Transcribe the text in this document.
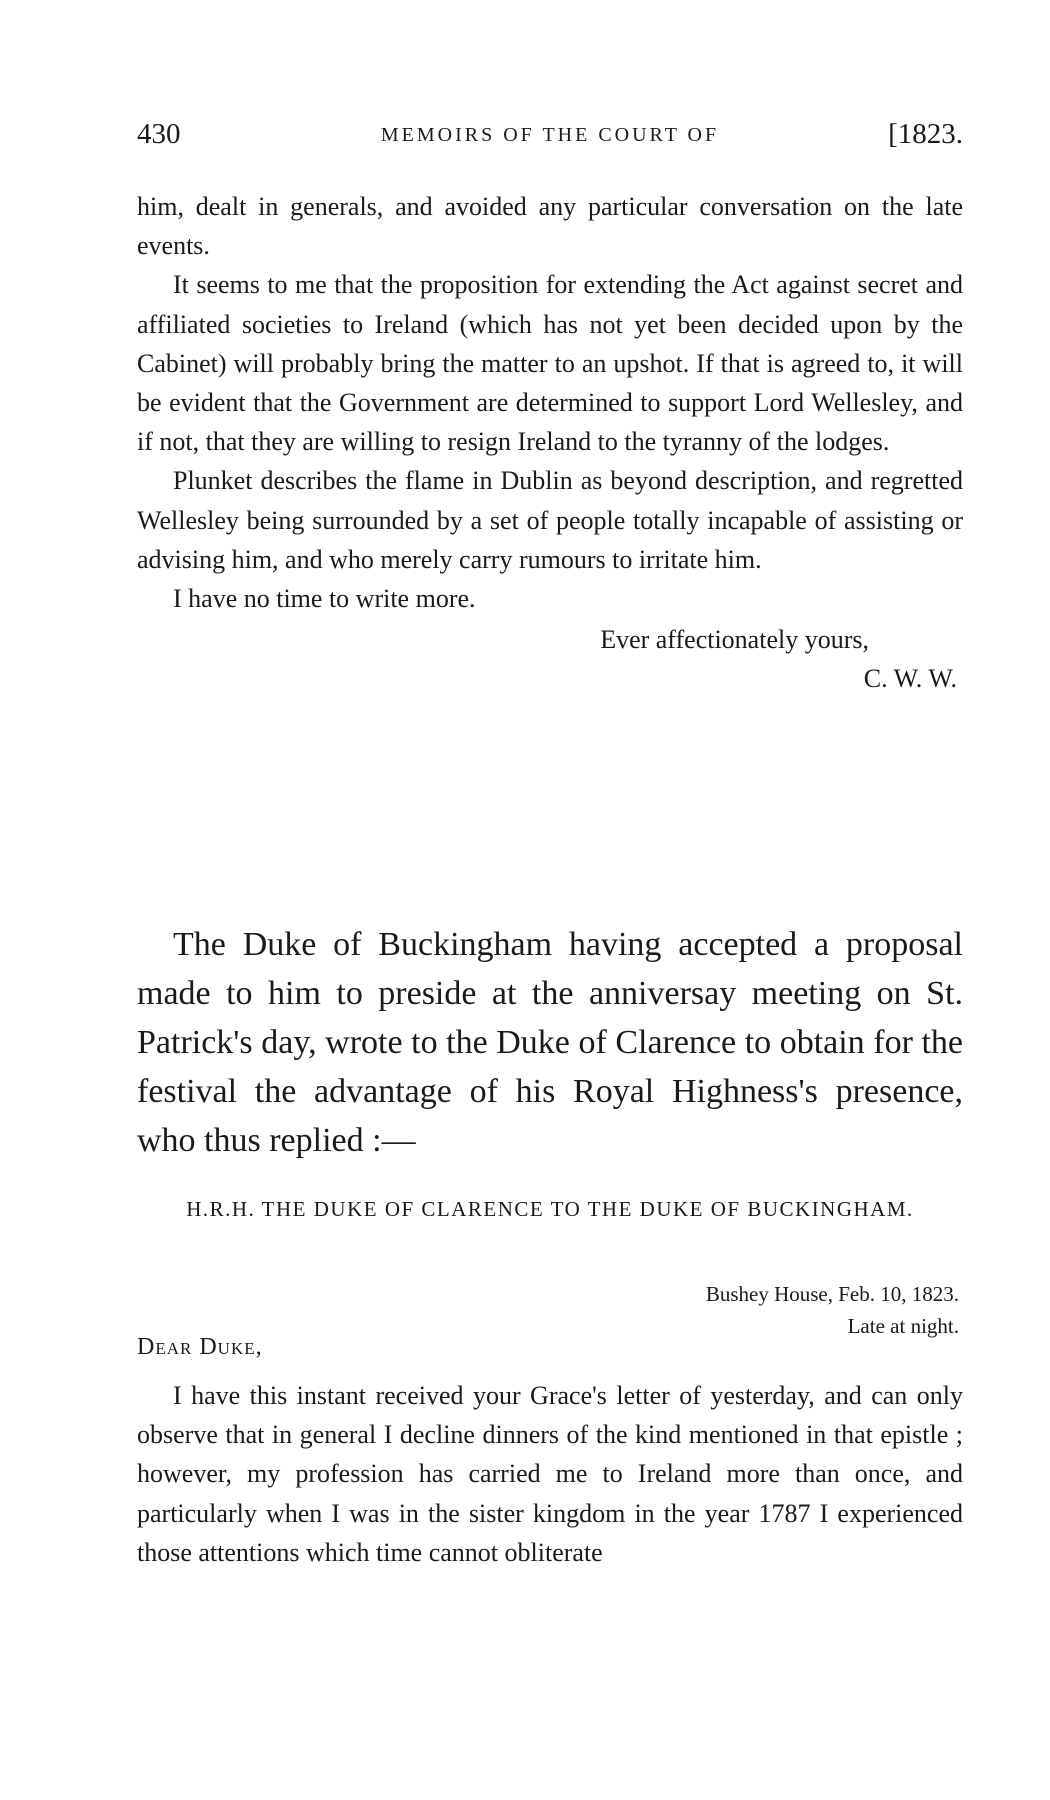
430	MEMOIRS OF THE COURT OF	[1823.

him, dealt in generals, and avoided any particular conversation on the late events.

It seems to me that the proposition for extending the Act against secret and affiliated societies to Ireland (which has not yet been decided upon by the Cabinet) will probably bring the matter to an upshot. If that is agreed to, it will be evident that the Government are determined to support Lord Wellesley, and if not, that they are willing to resign Ireland to the tyranny of the lodges.

Plunket describes the flame in Dublin as beyond description, and regretted Wellesley being surrounded by a set of people totally incapable of assisting or advising him, and who merely carry rumours to irritate him.

I have no time to write more.

Ever affectionately yours,
C. W. W.

The Duke of Buckingham having accepted a proposal made to him to preside at the anniversay meeting on St. Patrick's day, wrote to the Duke of Clarence to obtain for the festival the advantage of his Royal Highness's presence, who thus replied :—

H.R.H. THE DUKE OF CLARENCE TO THE DUKE OF BUCKINGHAM.
Bushey House, Feb. 10, 1823.
Late at night.
Dear Duke,

I have this instant received your Grace's letter of yesterday, and can only observe that in general I decline dinners of the kind mentioned in that epistle ; however, my profession has carried me to Ireland more than once, and particularly when I was in the sister kingdom in the year 1787 I experienced those attentions which time cannot obliterate
